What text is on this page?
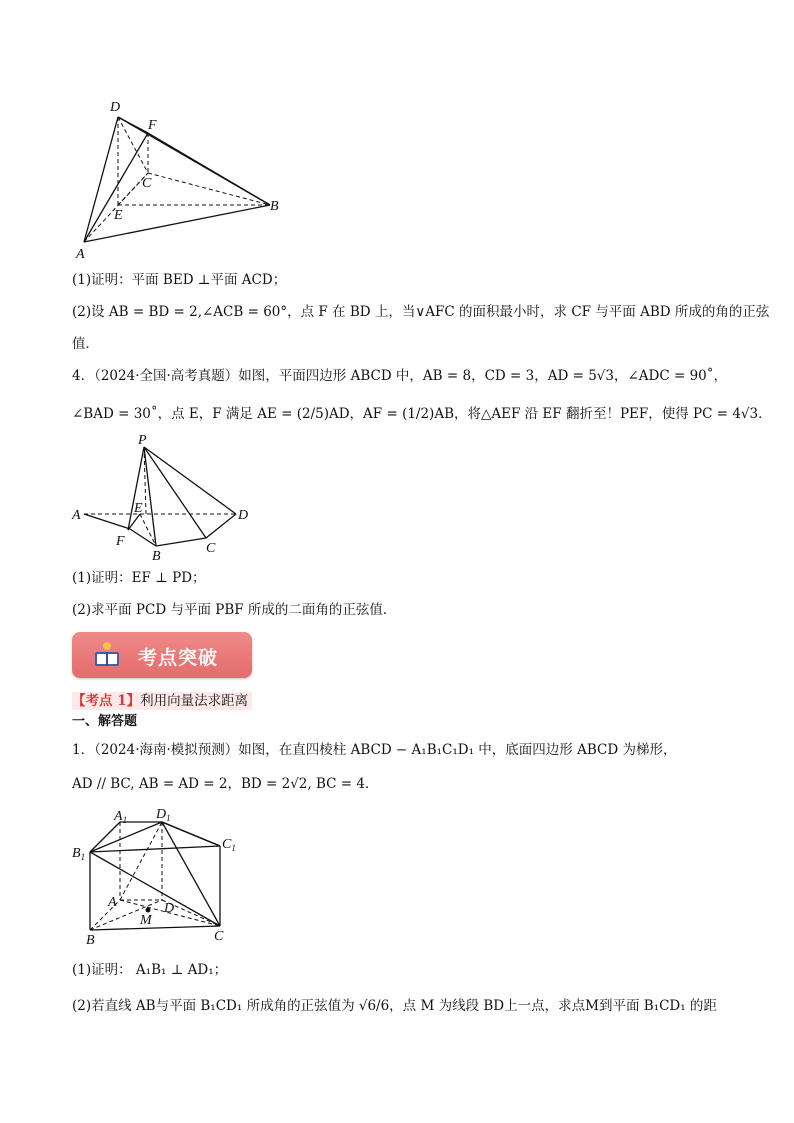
D
F
C
E
B
A
(1)证明：平面 BED ⊥平面 ACD；
(2)设 AB = BD = 2,∠ACB = 60°，点 F 在 BD 上，当∨AFC 的面积最小时，求 CF 与平面 ABD 所成的角的正弦
值．
4．（2024·全国·高考真题）如图，平面四边形 ABCD 中，AB = 8，CD = 3，AD = 5√3，∠ADC = 90˚，
∠BAD = 30˚，点 E，F 满足 AE = (2/5)AD，AF = (1/2)AB，将△AEF 沿 EF 翻折至！PEF，使得 PC = 4√3．
P
A	E	D
F
B
C
(1)证明：EF ⊥ PD；
(2)求平面 PCD 与平面 PBF 所成的二面角的正弦值．
考点突破
【考点 1】利用向量法求距离
一、解答题
1．（2024·海南·模拟预测）如图，在直四棱柱 ABCD − A₁B₁C₁D₁ 中，底面四边形 ABCD 为梯形，
AD // BC, AB = AD = 2，BD = 2√2, BC = 4．
$A_1$ $D_1$
$C_1$
$B_1$
A	D
M
B	C
(1)证明： A₁B₁ ⊥ AD₁；
(2)若直线 AB与平面 B₁CD₁ 所成角的正弦值为 √6/6，点 M 为线段 BD上一点，求点M到平面 B₁CD₁ 的距
